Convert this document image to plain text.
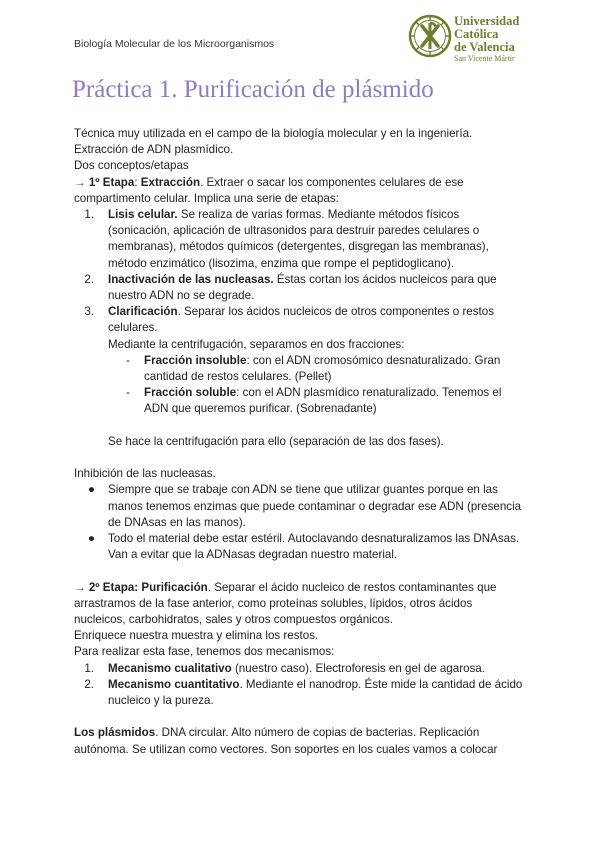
Biología Molecular de los Microorganismos
Universidad
Católica
de Valencia
San Vicente Mártir
Práctica 1. Purificación de plásmido

Técnica muy utilizada en el campo de la biología molecular y en la ingeniería.

Extracción de ADN plasmídico.

Dos conceptos/etapas

→ 1º Etapa: Extracción. Extraer o sacar los componentes celulares de ese compartimento celular. Implica una serie de etapas:

1. Lisis celular. Se realiza de varias formas. Mediante métodos físicos (sonicación, aplicación de ultrasonidos para destruir paredes celulares o membranas), métodos químicos (detergentes, disgregan las membranas), método enzimático (lisozima, enzima que rompe el peptidoglicano).
2. Inactivación de las nucleasas. Éstas cortan los ácidos nucleicos para que nuestro ADN no se degrade.
3. Clarificación. Separar los ácidos nucleicos de otros componentes o restos celulares.

Mediante la centrifugación, separamos en dos fracciones:

- Fracción insoluble: con el ADN cromosómico desnaturalizado. Gran cantidad de restos celulares. (Pellet)
- Fracción soluble: con el ADN plasmídico renaturalizado. Tenemos el ADN que queremos purificar. (Sobrenadante)

Se hace la centrifugación para ello (separación de las dos fases).

Inhibición de las nucleasas.

● Siempre que se trabaje con ADN se tiene que utilizar guantes porque en las manos tenemos enzimas que puede contaminar o degradar ese ADN (presencia de DNAsas en las manos).
● Todo el material debe estar estéril. Autoclavando desnaturalizamos las DNAsas. Van a evitar que la ADNasas degradan nuestro material.

→ 2º Etapa: Purificación. Separar el ácido nucleico de restos contaminantes que arrastramos de la fase anterior, como proteínas solubles, lípidos, otros ácidos nucleicos, carbohidratos, sales y otros compuestos orgánicos.

Enriquece nuestra muestra y elimina los restos.

Para realizar esta fase, tenemos dos mecanismos:

1. Mecanismo cualitativo (nuestro caso). Electroforesis en gel de agarosa.
2. Mecanismo cuantitativo. Mediante el nanodrop. Éste mide la cantidad de ácido nucleico y la pureza.

Los plásmidos. DNA circular. Alto número de copias de bacterias. Replicación autónoma. Se utilizan como vectores. Son soportes en los cuales vamos a colocar
